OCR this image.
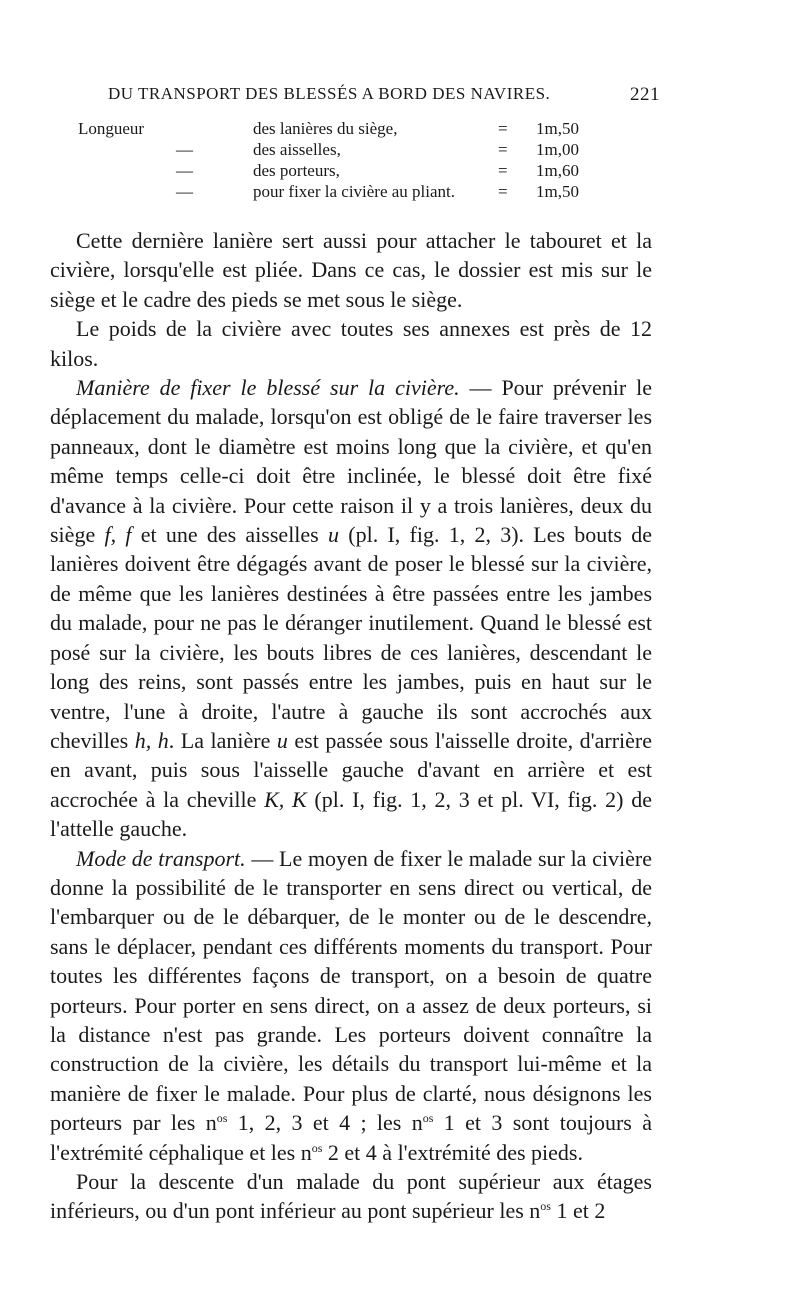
DU TRANSPORT DES BLESSÉS A BORD DES NAVIRES.	221
Longueur	des lanières du siège,	= 1m,50
—	des aisselles,	= 1m,00
—	des porteurs,	= 1m,60
—	pour fixer la civière au pliant.	= 1m,50

Cette dernière lanière sert aussi pour attacher le tabouret et la civière, lorsqu'elle est pliée. Dans ce cas, le dossier est mis sur le siège et le cadre des pieds se met sous le siège.

Le poids de la civière avec toutes ses annexes est près de 12 kilos.

Manière de fixer le blessé sur la civière. — Pour prévenir le déplacement du malade, lorsqu'on est obligé de le faire traverser les panneaux, dont le diamètre est moins long que la civière, et qu'en même temps celle-ci doit être inclinée, le blessé doit être fixé d'avance à la civière. Pour cette raison il y a trois lanières, deux du siège f, f et une des aisselles u (pl. I, fig. 1, 2, 3). Les bouts de lanières doivent être dégagés avant de poser le blessé sur la civière, de même que les lanières destinées à être passées entre les jambes du malade, pour ne pas le déranger inutilement. Quand le blessé est posé sur la civière, les bouts libres de ces lanières, descendant le long des reins, sont passés entre les jambes, puis en haut sur le ventre, l'une à droite, l'autre à gauche ils sont accrochés aux chevilles h, h. La lanière u est passée sous l'aisselle droite, d'arrière en avant, puis sous l'aisselle gauche d'avant en arrière et est accrochée à la cheville K, K (pl. I, fig. 1, 2, 3 et pl. VI, fig. 2) de l'attelle gauche.

Mode de transport. — Le moyen de fixer le malade sur la civière donne la possibilité de le transporter en sens direct ou vertical, de l'embarquer ou de le débarquer, de le monter ou de le descendre, sans le déplacer, pendant ces différents moments du transport. Pour toutes les différentes façons de transport, on a besoin de quatre porteurs. Pour porter en sens direct, on a assez de deux porteurs, si la distance n'est pas grande. Les porteurs doivent connaître la construction de la civière, les détails du transport lui-même et la manière de fixer le malade. Pour plus de clarté, nous désignons les porteurs par les $n^{os}$ 1, 2, 3 et 4 ; les $n^{os}$ 1 et 3 sont toujours à l'extrémité céphalique et les $n^{os}$ 2 et 4 à l'extrémité des pieds.

Pour la descente d'un malade du pont supérieur aux étages inférieurs, ou d'un pont inférieur au pont supérieur les $n^{os}$ 1 et 2
